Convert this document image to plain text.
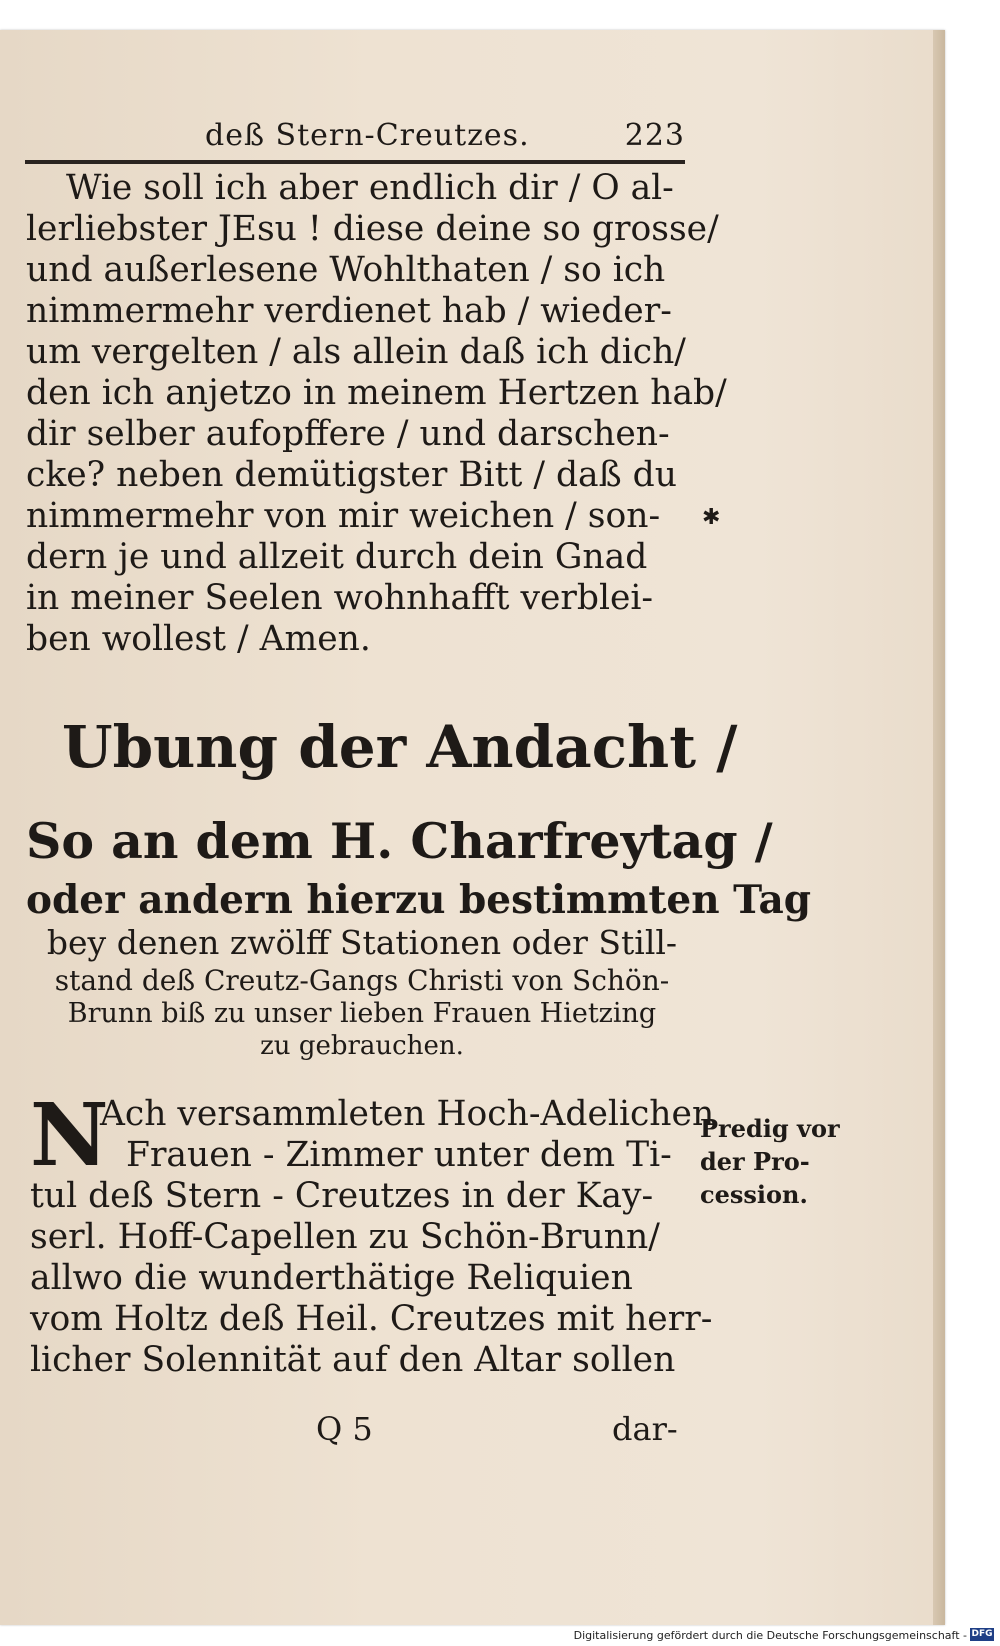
deß Stern-Creutzes.	223
Wie soll ich aber endlich dir / O al-
lerliebster JEsu ! diese deine so grosse/
und außerlesene Wohlthaten / so ich
nimmermehr verdienet hab / wieder-
um vergelten / als allein daß ich dich/
den ich anjetzo in meinem Hertzen hab/
dir selber aufopffere / und darschen-
cke? neben demütigster Bitt / daß du
nimmermehr von mir weichen / son-
dern je und allzeit durch dein Gnad
in meiner Seelen wohnhafft verblei-
ben wollest / Amen.
✱
Ubung der Andacht /
So an dem H. Charfreytag /
oder andern hierzu bestimmten Tag
bey denen zwölff Stationen oder Still-
stand deß Creutz-Gangs Christi von Schön-
Brunn biß zu unser lieben Frauen Hietzing
zu gebrauchen.
N
Ach versammleten Hoch-Adelichen
Frauen - Zimmer unter dem Ti-
tul deß Stern - Creutzes in der Kay-
serl. Hoff-Capellen zu Schön-Brunn/
allwo die wunderthätige Reliquien
vom Holtz deß Heil. Creutzes mit herr-
licher Solennität auf den Altar sollen
Predig vor
der Pro-
cession.
Q 5	dar-
Digitalisierung gefördert durch die Deutsche Forschungsgemeinschaft - DFG
